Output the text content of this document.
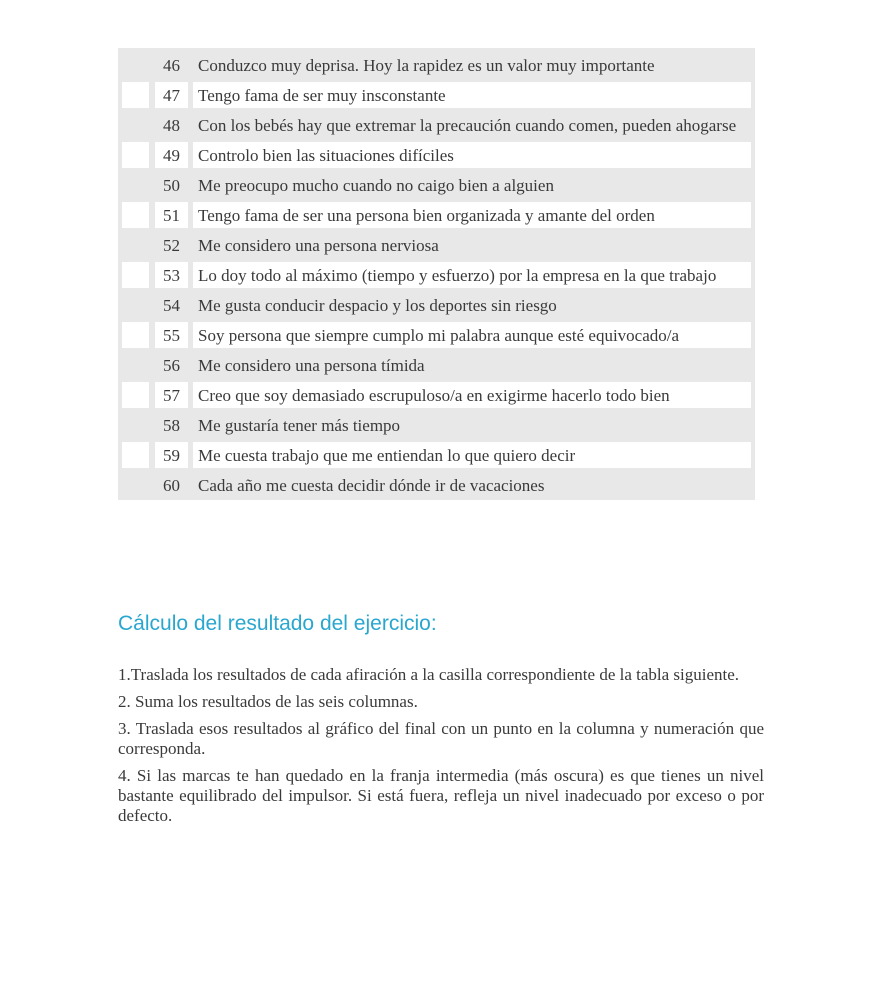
46	Conduzco muy deprisa. Hoy la rapidez es un valor muy importante
47	Tengo fama de ser muy insconstante
48	Con los bebés hay que extremar la precaución cuando comen, pueden ahogarse
49	Controlo bien las situaciones difíciles
50	Me preocupo mucho cuando no caigo bien a alguien
51	Tengo fama de ser una persona bien organizada y amante del orden
52	Me considero una persona nerviosa
53	Lo doy todo al máximo (tiempo y esfuerzo) por la empresa en la que trabajo
54	Me gusta conducir despacio y los deportes sin riesgo
55	Soy persona que siempre cumplo mi palabra aunque esté equivocado/a
56	Me considero una persona tímida
57	Creo que soy demasiado escrupuloso/a en exigirme hacerlo todo bien
58	Me gustaría tener más tiempo
59	Me cuesta trabajo que me entiendan lo que quiero decir
60	Cada año me cuesta decidir dónde ir de vacaciones
Cálculo del resultado del ejercicio:

1.Traslada los resultados de cada afiración a la casilla correspondiente de la tabla siguiente.

2. Suma los resultados de las seis columnas.

3. Traslada esos resultados al gráfico del final con un punto en la columna y numeración que corresponda.

4. Si las marcas te han quedado en la franja intermedia (más oscura) es que tienes un nivel bastante equilibrado del impulsor. Si está fuera, refleja un nivel inadecuado por exceso o por defecto.
